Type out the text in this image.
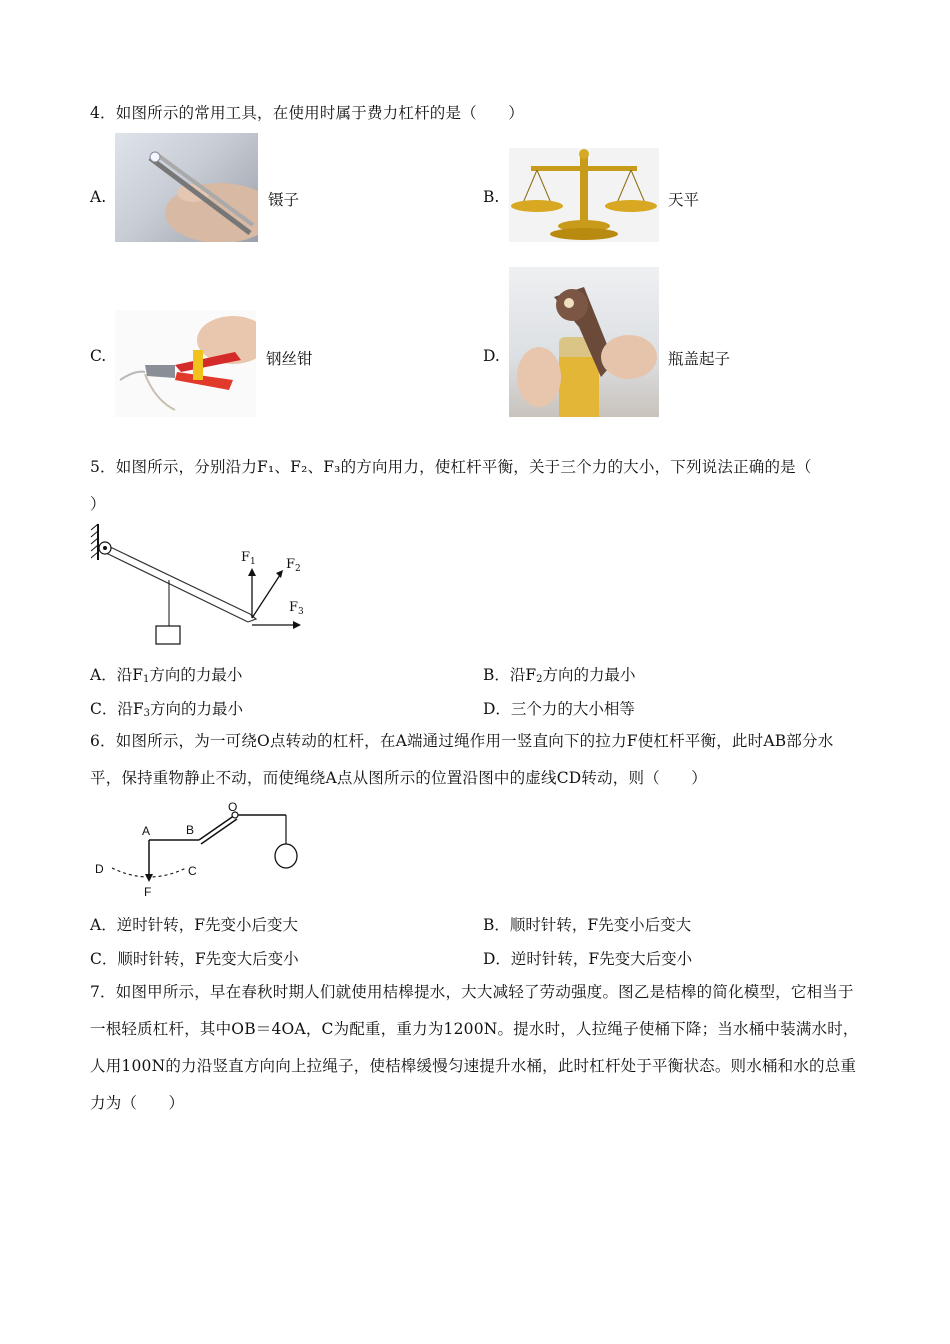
4．如图所示的常用工具，在使用时属于费力杠杆的是（　　）
A.	镊子	B.	天平
C.	钢丝钳	D.	瓶盖起子
5．如图所示，分别沿力F₁、F₂、F₃的方向用力，使杠杆平衡，关于三个力的大小，下列说法正确的是（
）
$F_1$ $F_2$
$F_3$
A．沿$F_1$方向的力最小	B．沿$F_2$方向的力最小
C．沿$F_3$方向的力最小	D．三个力的大小相等
6．如图所示，为一可绕O点转动的杠杆，在A端通过绳作用一竖直向下的拉力F使杠杆平衡，此时AB部分水平，保持重物静止不动，而使绳绕A点从图所示的位置沿图中的虚线CD转动，则（　　）
A	B
O
C
D
F
A．逆时针转，F先变小后变大	B．顺时针转，F先变小后变大
C．顺时针转，F先变大后变小	D．逆时针转，F先变大后变小
7．如图甲所示，早在春秋时期人们就使用桔槔提水，大大减轻了劳动强度。图乙是桔槔的简化模型，它相当于一根轻质杠杆，其中OB＝4OA，C为配重，重力为1200N。提水时，人拉绳子使桶下降；当水桶中装满水时，人用100N的力沿竖直方向向上拉绳子，使桔槔缓慢匀速提升水桶，此时杠杆处于平衡状态。则水桶和水的总重力为（　　）
